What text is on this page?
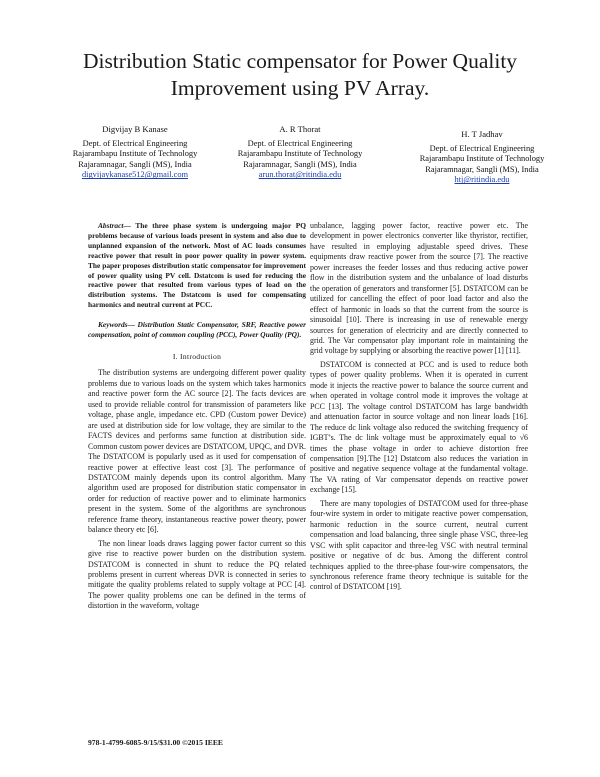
Distribution Static compensator for Power Quality Improvement using PV Array.
Digvijay B Kanase
Dept. of Electrical Engineering
Rajarambapu Institute of Technology
Rajaramnagar, Sangli (MS), India
digvijaykanase512@gmail.com
A. R Thorat
Dept. of Electrical Engineering
Rajarambapu Institute of Technology
Rajaramnagar, Sangli (MS), India
arun.thorat@ritindia.edu
H. T Jadhav
Dept. of Electrical Engineering
Rajarambapu Institute of Technology
Rajaramnagar, Sangli (MS), India
htj@ritindia.edu

Abstract— The three phase system is undergoing major PQ problems because of various loads present in system and also due to unplanned expansion of the network. Most of AC loads consumes reactive power that result in poor power quality in power system. The paper proposes distribution static compensator for improvement of power quality using PV cell. Dstatcom is used for reducing the reactive power that resulted from various types of load on the distribution systems. The Dstatcom is used for compensating harmonics and neutral current at PCC.

Keywords— Distribution Static Compensator, SRF, Reactive power compensation, point of common coupling (PCC), Power Quality (PQ).

I. Introduction

The distribution systems are undergoing different power quality problems due to various loads on the system which takes harmonics and reactive power form the AC source [2]. The facts devices are used to provide reliable control for transmission of parameters like voltage, phase angle, impedance etc. CPD (Custom power Device) are used at distribution side for low voltage, they are similar to the FACTS devices and performs same function at distribution side. Common custom power devices are DSTATCOM, UPQC, and DVR. The DSTATCOM is popularly used as it used for compensation of reactive power at effective least cost [3]. The performance of DSTATCOM mainly depends upon its control algorithm. Many algorithm used are proposed for distribution static compensator in order for reduction of reactive power and to eliminate harmonics present in the system. Some of the algorithms are synchronous reference frame theory, instantaneous reactive power theory, power balance theory etc [6].

The non linear loads draws lagging power factor current so this give rise to reactive power burden on the distribution system. DSTATCOM is connected in shunt to reduce the PQ related problems present in current whereas DVR is connected in series to mitigate the quality problems related to supply voltage at PCC [4]. The power quality problems one can be defined in the terms of distortion in the waveform, voltage

unbalance, lagging power factor, reactive power etc. The development in power electronics converter like thyristor, rectifier, have resulted in employing adjustable speed drives. These equipments draw reactive power from the source [7]. The reactive power increases the feeder losses and thus reducing active power flow in the distribution system and the unbalance of load disturbs the operation of generators and transformer [5]. DSTATCOM can be utilized for cancelling the effect of poor load factor and also the effect of harmonic in loads so that the current from the source is sinusoidal [10]. There is increasing in use of renewable energy sources for generation of electricity and are directly connected to grid. The Var compensator play important role in maintaining the grid voltage by supplying or absorbing the reactive power [1] [11].

DSTATCOM is connected at PCC and is used to reduce both types of power quality problems. When it is operated in current mode it injects the reactive power to balance the source current and when operated in voltage control mode it improves the voltage at PCC [13]. The voltage control DSTATCOM has large bandwidth and attenuation factor in source voltage and non linear loads [16]. The reduce dc link voltage also reduced the switching frequency of IGBT’s. The dc link voltage must be approximately equal to √6 times the phase voltage in order to achieve distortion free compensation [9].The [12] Dstatcom also reduces the variation in positive and negative sequence voltage at the fundamental voltage. The VA rating of Var compensator depends on reactive power exchange [15].

There are many topologies of DSTATCOM used for three-phase four-wire system in order to mitigate reactive power compensation, harmonic reduction in the source current, neutral current compensation and load balancing, three single phase VSC, three-leg VSC with split capacitor and three-leg VSC with neutral terminal positive or negative of dc bus. Among the different control techniques applied to the three-phase four-wire compensators, the synchronous reference frame theory technique is suitable for the control of DSTATCOM [19].

978-1-4799-6085-9/15/$31.00 ©2015 IEEE
